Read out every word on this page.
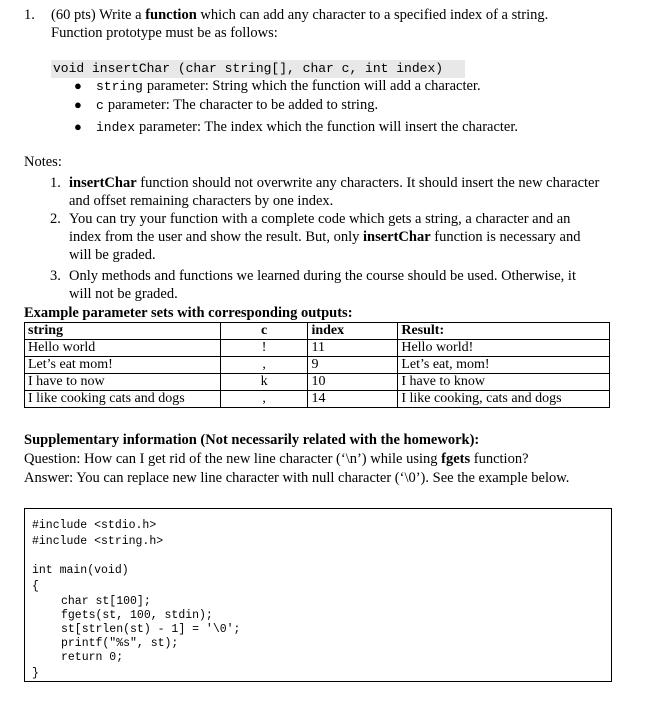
1. (60 pts) Write a function which can add any character to a specified index of a string.
Function prototype must be as follows:
void insertChar (char string[], char c, int index)
●	string parameter: String which the function will add a character.
●	c parameter: The character to be added to string.
●	index parameter: The index which the function will insert the character.
Notes:
1. insertChar function should not overwrite any characters. It should insert the new character
and offset remaining characters by one index.
2. You can try your function with a complete code which gets a string, a character and an
index from the user and show the result. But, only insertChar function is necessary and
will be graded.
3. Only methods and functions we learned during the course should be used. Otherwise, it
will not be graded.
Example parameter sets with corresponding outputs:
string	c	index	Result:
Hello world	!	11	Hello world!
Let’s eat mom!	,	9	Let’s eat, mom!
I have to now	k	10	I have to know
I like cooking cats and dogs	,	14	I like cooking, cats and dogs
Supplementary information (Not necessarily related with the homework):
Question: How can I get rid of the new line character (‘\n’) while using fgets function?
Answer: You can replace new line character with null character (‘\0’). See the example below.
#include <stdio.h>
#include <string.h>
int main(void)
{
char st[100];
fgets(st, 100, stdin);
st[strlen(st) - 1] = '\0';
printf("%s", st);
return 0;
}
